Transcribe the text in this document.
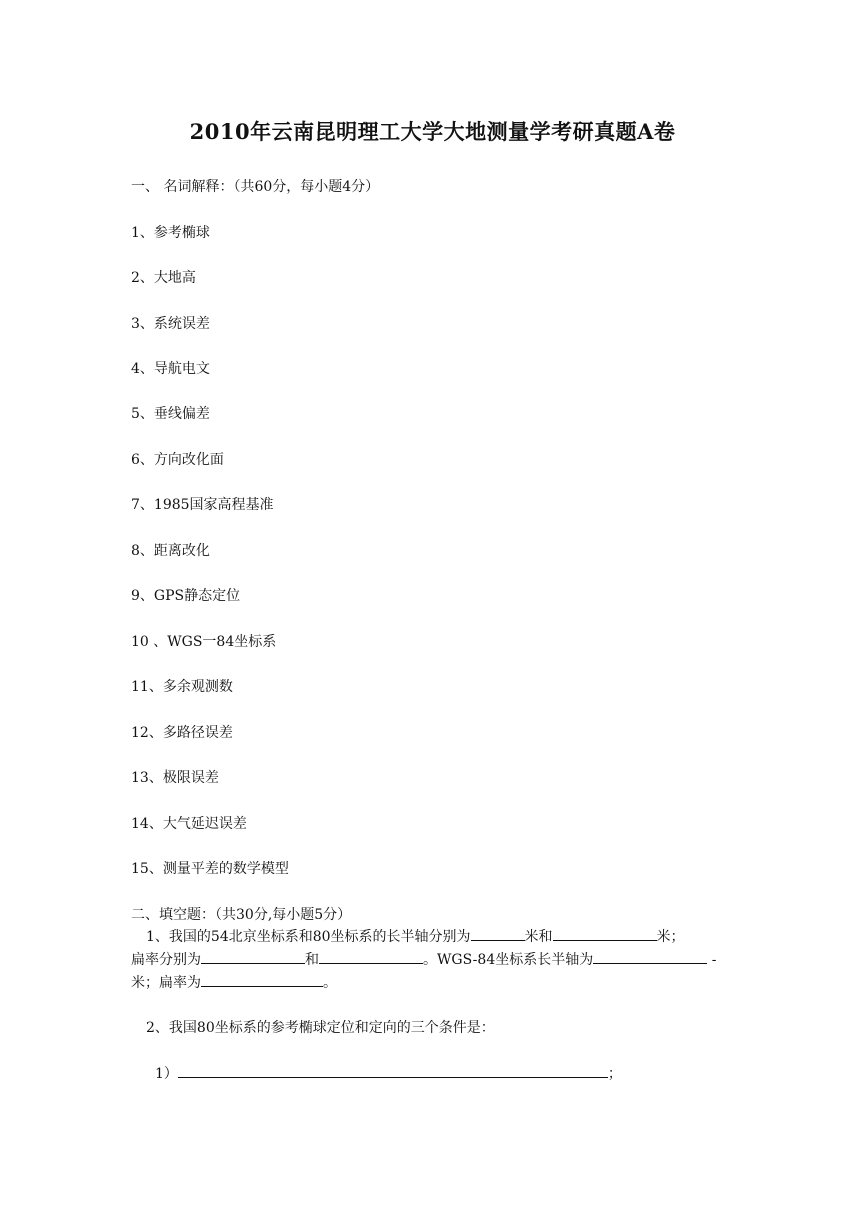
2010年云南昆明理工大学大地测量学考研真题A卷
一、 名词解释：（共60分，每小题4分）
1、参考椭球
2、大地高
3、系统误差
4、导航电文
5、垂线偏差
6、方向改化面
7、1985国家高程基准
8、距离改化
9、GPS静态定位
10 、WGS一84坐标系
11、多余观测数
12、多路径误差
13、极限误差
14、大气延迟误差
15、测量平差的数学模型
二、填空题：（共30分,每小题5分）
1、我国的54北京坐标系和80坐标系的长半轴分别为	米和	米；
扁率分别为	和	。WGS-84坐标系长半轴为	-
米；扁率为	。
2、我国80坐标系的参考椭球定位和定向的三个条件是：
1）	；
